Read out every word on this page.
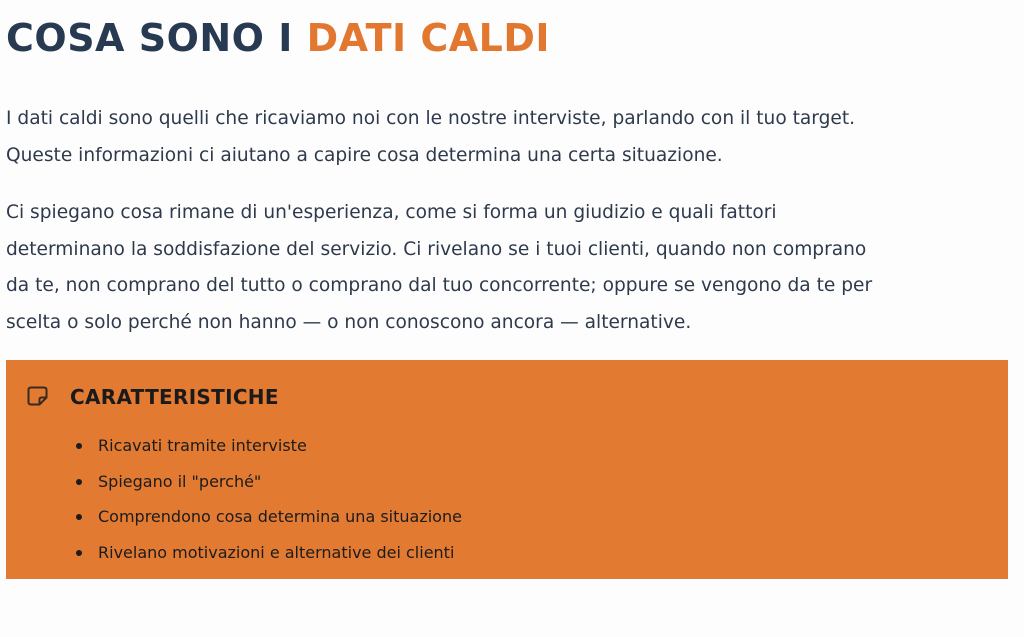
COSA SONO I DATI CALDI

I dati caldi sono quelli che ricaviamo noi con le nostre interviste, parlando con il tuo target.
Queste informazioni ci aiutano a capire cosa determina una certa situazione.

Ci spiegano cosa rimane di un'esperienza, come si forma un giudizio e quali fattori
determinano la soddisfazione del servizio. Ci rivelano se i tuoi clienti, quando non comprano
da te, non comprano del tutto o comprano dal tuo concorrente; oppure se vengono da te per
scelta o solo perché non hanno — o non conoscono ancora — alternative.

CARATTERISTICHE
Ricavati tramite interviste
Spiegano il "perché"
Comprendono cosa determina una situazione
Rivelano motivazioni e alternative dei clienti
